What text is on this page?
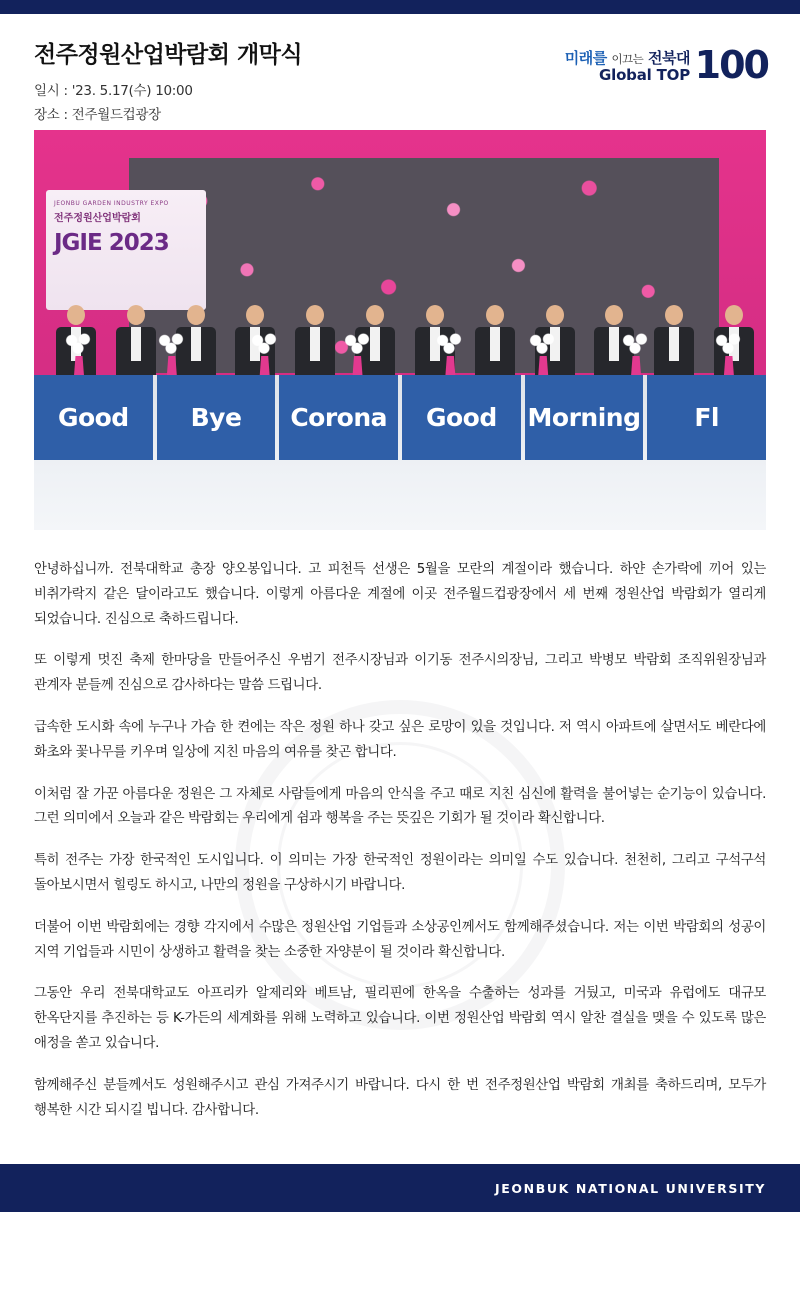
전주정원산업박람회 개막식

일시 : '23. 5.17(수) 10:00

장소 : 전주월드컵광장

미래를 이끄는 전북대
Global TOP 100
JEONBU GARDEN INDUSTRY EXPO
전주정원산업박람회
JGIE 2023
Good	Bye	Corona	Good	Morning	Fl

안녕하십니까. 전북대학교 총장 양오봉입니다. 고 피천득 선생은 5월을 모란의 계절이라 했습니다. 하얀 손가락에 끼어 있는 비취가락지 같은 달이라고도 했습니다. 이렇게 아름다운 계절에 이곳 전주월드컵광장에서 세 번째 정원산업 박람회가 열리게 되었습니다. 진심으로 축하드립니다.

또 이렇게 멋진 축제 한마당을 만들어주신 우범기 전주시장님과 이기동 전주시의장님, 그리고 박병모 박람회 조직위원장님과 관계자 분들께 진심으로 감사하다는 말씀 드립니다.

급속한 도시화 속에 누구나 가슴 한 켠에는 작은 정원 하나 갖고 싶은 로망이 있을 것입니다. 저 역시 아파트에 살면서도 베란다에 화초와 꽃나무를 키우며 일상에 지친 마음의 여유를 찾곤 합니다.

이처럼 잘 가꾼 아름다운 정원은 그 자체로 사람들에게 마음의 안식을 주고 때로 지친 심신에 활력을 불어넣는 순기능이 있습니다. 그런 의미에서 오늘과 같은 박람회는 우리에게 쉼과 행복을 주는 뜻깊은 기회가 될 것이라 확신합니다.

특히 전주는 가장 한국적인 도시입니다. 이 의미는 가장 한국적인 정원이라는 의미일 수도 있습니다. 천천히, 그리고 구석구석 돌아보시면서 힐링도 하시고, 나만의 정원을 구상하시기 바랍니다.

더불어 이번 박람회에는 경향 각지에서 수많은 정원산업 기업들과 소상공인께서도 함께해주셨습니다. 저는 이번 박람회의 성공이 지역 기업들과 시민이 상생하고 활력을 찾는 소중한 자양분이 될 것이라 확신합니다.

그동안 우리 전북대학교도 아프리카 알제리와 베트남, 필리핀에 한옥을 수출하는 성과를 거뒀고, 미국과 유럽에도 대규모 한옥단지를 추진하는 등 K-가든의 세계화를 위해 노력하고 있습니다. 이번 정원산업 박람회 역시 알찬 결실을 맺을 수 있도록 많은 애정을 쏟고 있습니다.

함께해주신 분들께서도 성원해주시고 관심 가져주시기 바랍니다. 다시 한 번 전주정원산업 박람회 개최를 축하드리며, 모두가 행복한 시간 되시길 빕니다. 감사합니다.

JEONBUK NATIONAL UNIVERSITY
